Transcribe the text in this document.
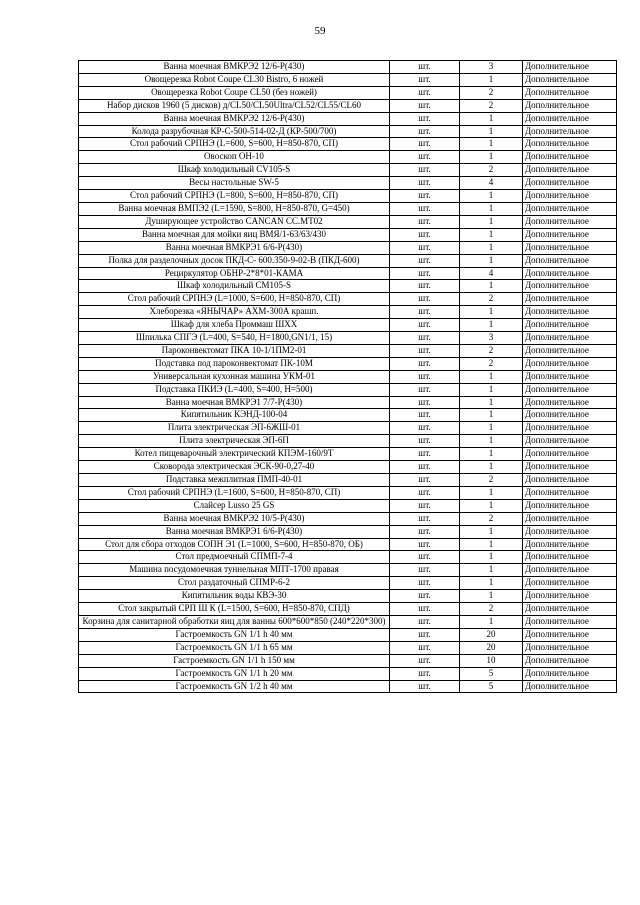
59
Ванна моечная ВМКРЭ2 12/6-Р(430)	шт.	3	Дополнительное
Овощерезка Robot Coupe CL30 Bistro, 6 ножей	шт.	1	Дополнительное
Овощерезка Robot Coupe CL50 (без ножей)	шт.	2	Дополнительное
Набор дисков 1960 (5 дисков) д/CL50/CL50Ultra/CL52/CL55/CL60	шт.	2	Дополнительное
Ванна моечная ВМКРЭ2 12/6-Р(430)	шт.	1	Дополнительное
Колода разрубочная КР-С-500-514-02-Д (КР-500/700)	шт.	1	Дополнительное
Стол рабочий СРПНЭ (L=600, S=600, H=850-870, СП)	шт.	1	Дополнительное
Овоскоп ОН-10	шт.	1	Дополнительное
Шкаф холодильный CV105-S	шт.	2	Дополнительное
Весы настольные SW-5	шт.	4	Дополнительное
Стол рабочий СРПНЭ (L=800, S=600, H=850-870, СП)	шт.	1	Дополнительное
Ванна моечная ВМПЭ2 (L=1590, S=800, H=850-870, G=450)	шт.	1	Дополнительное
Душирующее устройство CANCAN CC.MT02	шт.	1	Дополнительное
Ванна моечная для мойки яиц ВМЯ/1-63/63/430	шт.	1	Дополнительное
Ванна моечная ВМКРЭ1 6/6-Р(430)	шт.	1	Дополнительное
Полка для разделочных досок ПКД-С- 600.350-9-02-В (ПКД-600)	шт.	1	Дополнительное
Рециркулятор ОБНР-2*8*01-КАМА	шт.	4	Дополнительное
Шкаф холодильный CM105-S	шт.	1	Дополнительное
Стол рабочий СРПНЭ (L=1000, S=600, H=850-870, СП)	шт.	2	Дополнительное
Хлеборезка «ЯНЫЧАР» АХМ-300А крашп.	шт.	1	Дополнительное
Шкаф для хлеба Проммаш ШХХ	шт.	1	Дополнительное
Шпилька СПГЭ (L=400, S=540, H=1800,GN1/1, 15)	шт.	3	Дополнительное
Пароконвектомат ПКА 10-1/1ПМ2-01	шт.	2	Дополнительное
Подставка под пароконвектомат ПК-10М	шт.	2	Дополнительное
Универсальная кухонная машина УКМ-01	шт.	1	Дополнительное
Подставка ПКИЭ (L=400, S=400, H=500)	шт.	1	Дополнительное
Ванна моечная ВМКРЭ1 7/7-Р(430)	шт.	1	Дополнительное
Кипятильник КЭНД-100-04	шт.	1	Дополнительное
Плита электрическая ЭП-6ЖШ-01	шт.	1	Дополнительное
Плита электрическая ЭП-6П	шт.	1	Дополнительное
Котел пищеварочный электрический КПЭМ-160/9Т	шт.	1	Дополнительное
Сковорода электрическая ЭСК-90-0,27-40	шт.	1	Дополнительное
Подставка межплитная ПМП-40-01	шт.	2	Дополнительное
Стол рабочий СРПНЭ (L=1600, S=600, H=850-870, СП)	шт.	1	Дополнительное
Слайсер Lusso 25 GS	шт.	1	Дополнительное
Ванна моечная ВМКРЭ2 10/5-Р(430)	шт.	2	Дополнительное
Ванна моечная ВМКРЭ1 6/6-Р(430)	шт.	1	Дополнительное
Стол для сбора отходов СОПН Э1 (L=1000, S=600, H=850-870, ОБ)	шт.	1	Дополнительное
Стол предмоечный СПМП-7-4	шт.	1	Дополнительное
Машина посудомоечная туннельная МПТ-1700 правая	шт.	1	Дополнительное
Стол раздаточный СПМР-6-2	шт.	1	Дополнительное
Кипятильник воды КВЭ-30	шт.	1	Дополнительное
Стол закрытый СРП Ш К (L=1500, S=600, H=850-870, СПД)	шт.	2	Дополнительное
Корзина для санитарной обработки яиц для ванны 600*600*850 (240*220*300)	шт.	1	Дополнительное
Гастроемкость GN 1/1 h 40 мм	шт.	20	Дополнительное
Гастроемкость GN 1/1 h 65 мм	шт.	20	Дополнительное
Гастроемкость GN 1/1 h 150 мм	шт.	10	Дополнительное
Гастроемкость GN 1/1 h 20 мм	шт.	5	Дополнительное
Гастроемкость GN 1/2 h 40 мм	шт.	5	Дополнительное
